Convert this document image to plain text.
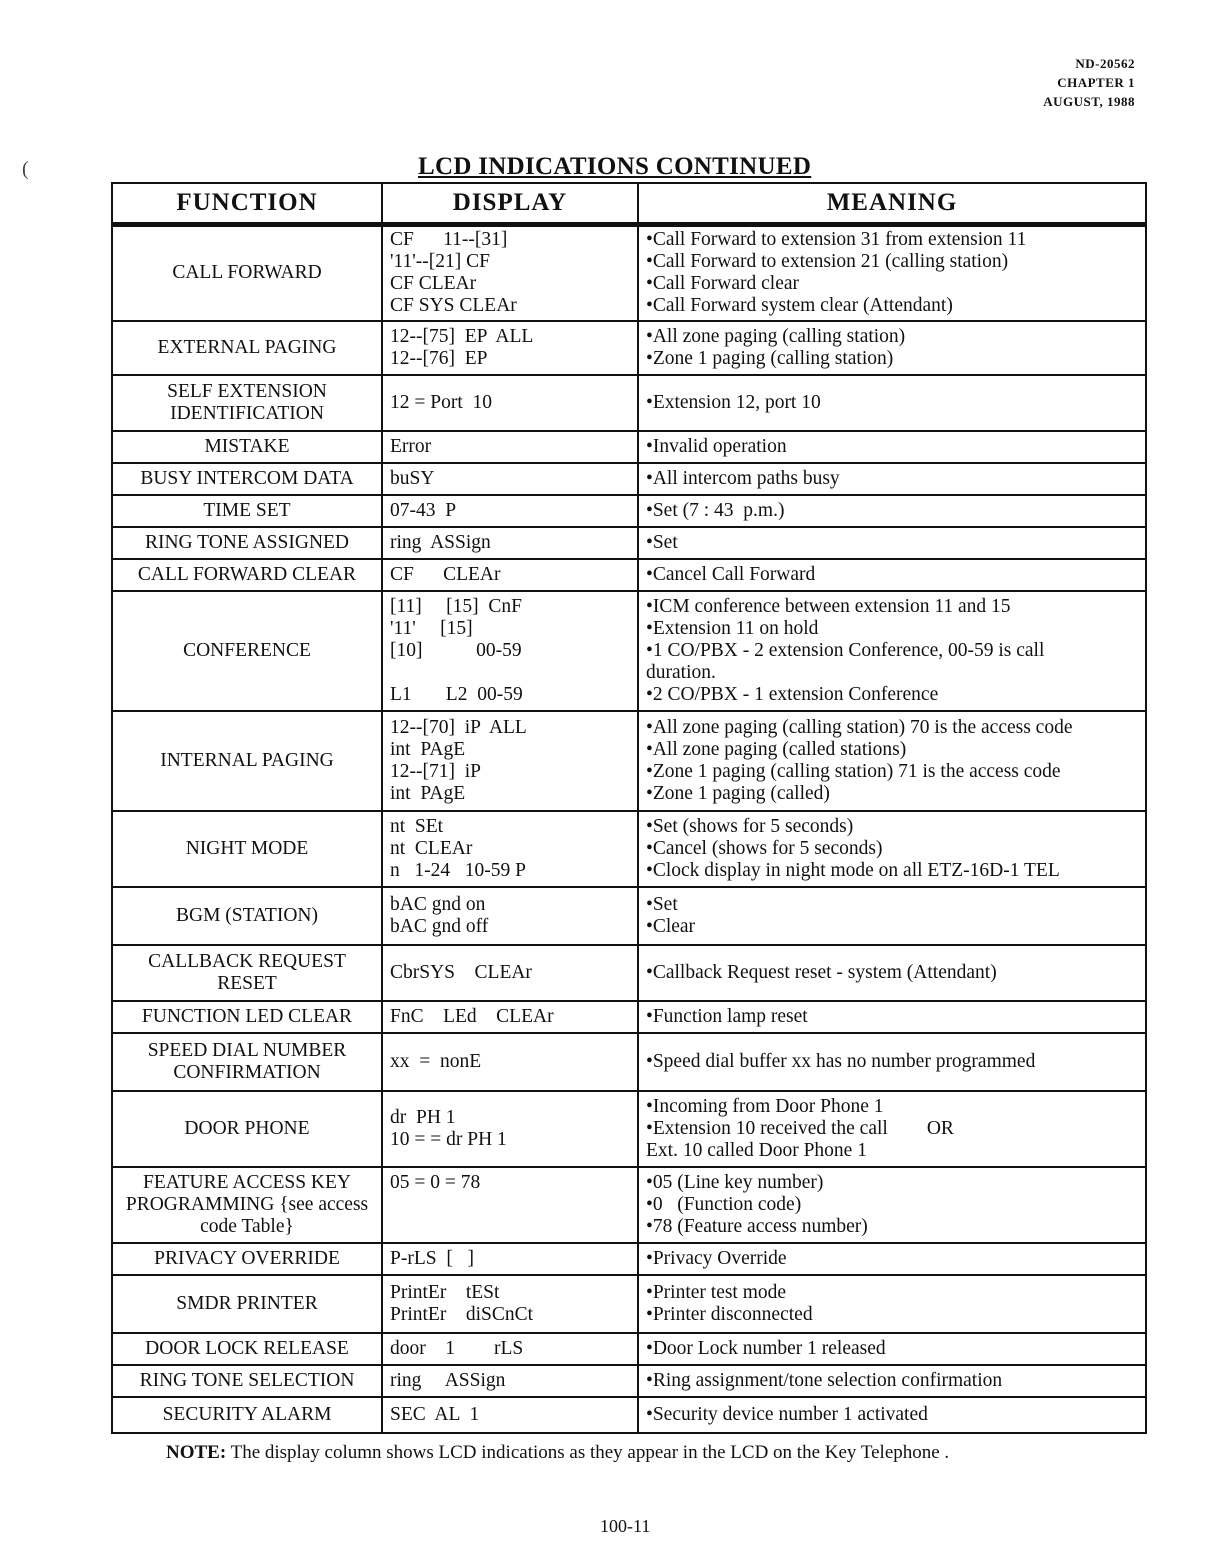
ND-20562
CHAPTER 1
AUGUST, 1988
(	LCD INDICATIONS CONTINUED
FUNCTION	DISPLAY	MEANING
CALL FORWARD	CF      11--[31]
'11'--[21] CF
CF CLEAr
CF SYS CLEAr	•Call Forward to extension 31 from extension 11
•Call Forward to extension 21 (calling station)
•Call Forward clear
•Call Forward system clear (Attendant)

EXTERNAL PAGING	12--[75]  EP  ALL
12--[76]  EP	•All zone paging (calling station)
•Zone 1 paging (calling station)

SELF EXTENSION IDENTIFICATION	12 = Port  10	•Extension 12, port 10

MISTAKE	Error	•Invalid operation

BUSY INTERCOM DATA	buSY	•All intercom paths busy

TIME SET	07-43  P	•Set (7 : 43  p.m.)

RING TONE ASSIGNED	ring  ASSign	•Set

CALL FORWARD CLEAR	CF      CLEAr	•Cancel Call Forward

CONFERENCE	[11]     [15]  CnF
'11'     [15]
[10]           00-59
L1       L2  00-59	•ICM conference between extension 11 and 15
•Extension 11 on hold
•1 CO/PBX - 2 extension Conference, 00-59 is call
duration.
•2 CO/PBX - 1 extension Conference

INTERNAL PAGING	12--[70]  iP  ALL
int  PAgE
12--[71]  iP
int  PAgE	•All zone paging (calling station) 70 is the access code
•All zone paging (called stations)
•Zone 1 paging (calling station) 71 is the access code
•Zone 1 paging (called)

NIGHT MODE	nt  SEt
nt  CLEAr
n   1-24   10-59 P	•Set (shows for 5 seconds)
•Cancel (shows for 5 seconds)
•Clock display in night mode on all ETZ-16D-1 TEL

BGM (STATION)	bAC gnd on
bAC gnd off	•Set
•Clear

CALLBACK REQUEST RESET	CbrSYS    CLEAr	•Callback Request reset - system (Attendant)

FUNCTION LED CLEAR	FnC    LEd    CLEAr	•Function lamp reset

SPEED DIAL NUMBER CONFIRMATION	xx  =  nonE	•Speed dial buffer xx has no number programmed

DOOR PHONE	dr  PH 1
10 = = dr PH 1	•Incoming from Door Phone 1
•Extension 10 received the call        OR
Ext. 10 called Door Phone 1

FEATURE ACCESS KEY PROGRAMMING {see access code Table}	05 = 0 = 78	•05 (Line key number)
•0   (Function code)
•78 (Feature access number)

PRIVACY OVERRIDE	P-rLS  [   ]	•Privacy Override

SMDR PRINTER	PrintEr    tESt
PrintEr    diSCnCt	•Printer test mode
•Printer disconnected

DOOR LOCK RELEASE	door    1        rLS	•Door Lock number 1 released

RING TONE SELECTION	ring     ASSign	•Ring assignment/tone selection confirmation

SECURITY ALARM	SEC  AL  1	•Security device number 1 activated
NOTE: The display column shows LCD indications as they appear in the LCD on the Key Telephone .
100-11
